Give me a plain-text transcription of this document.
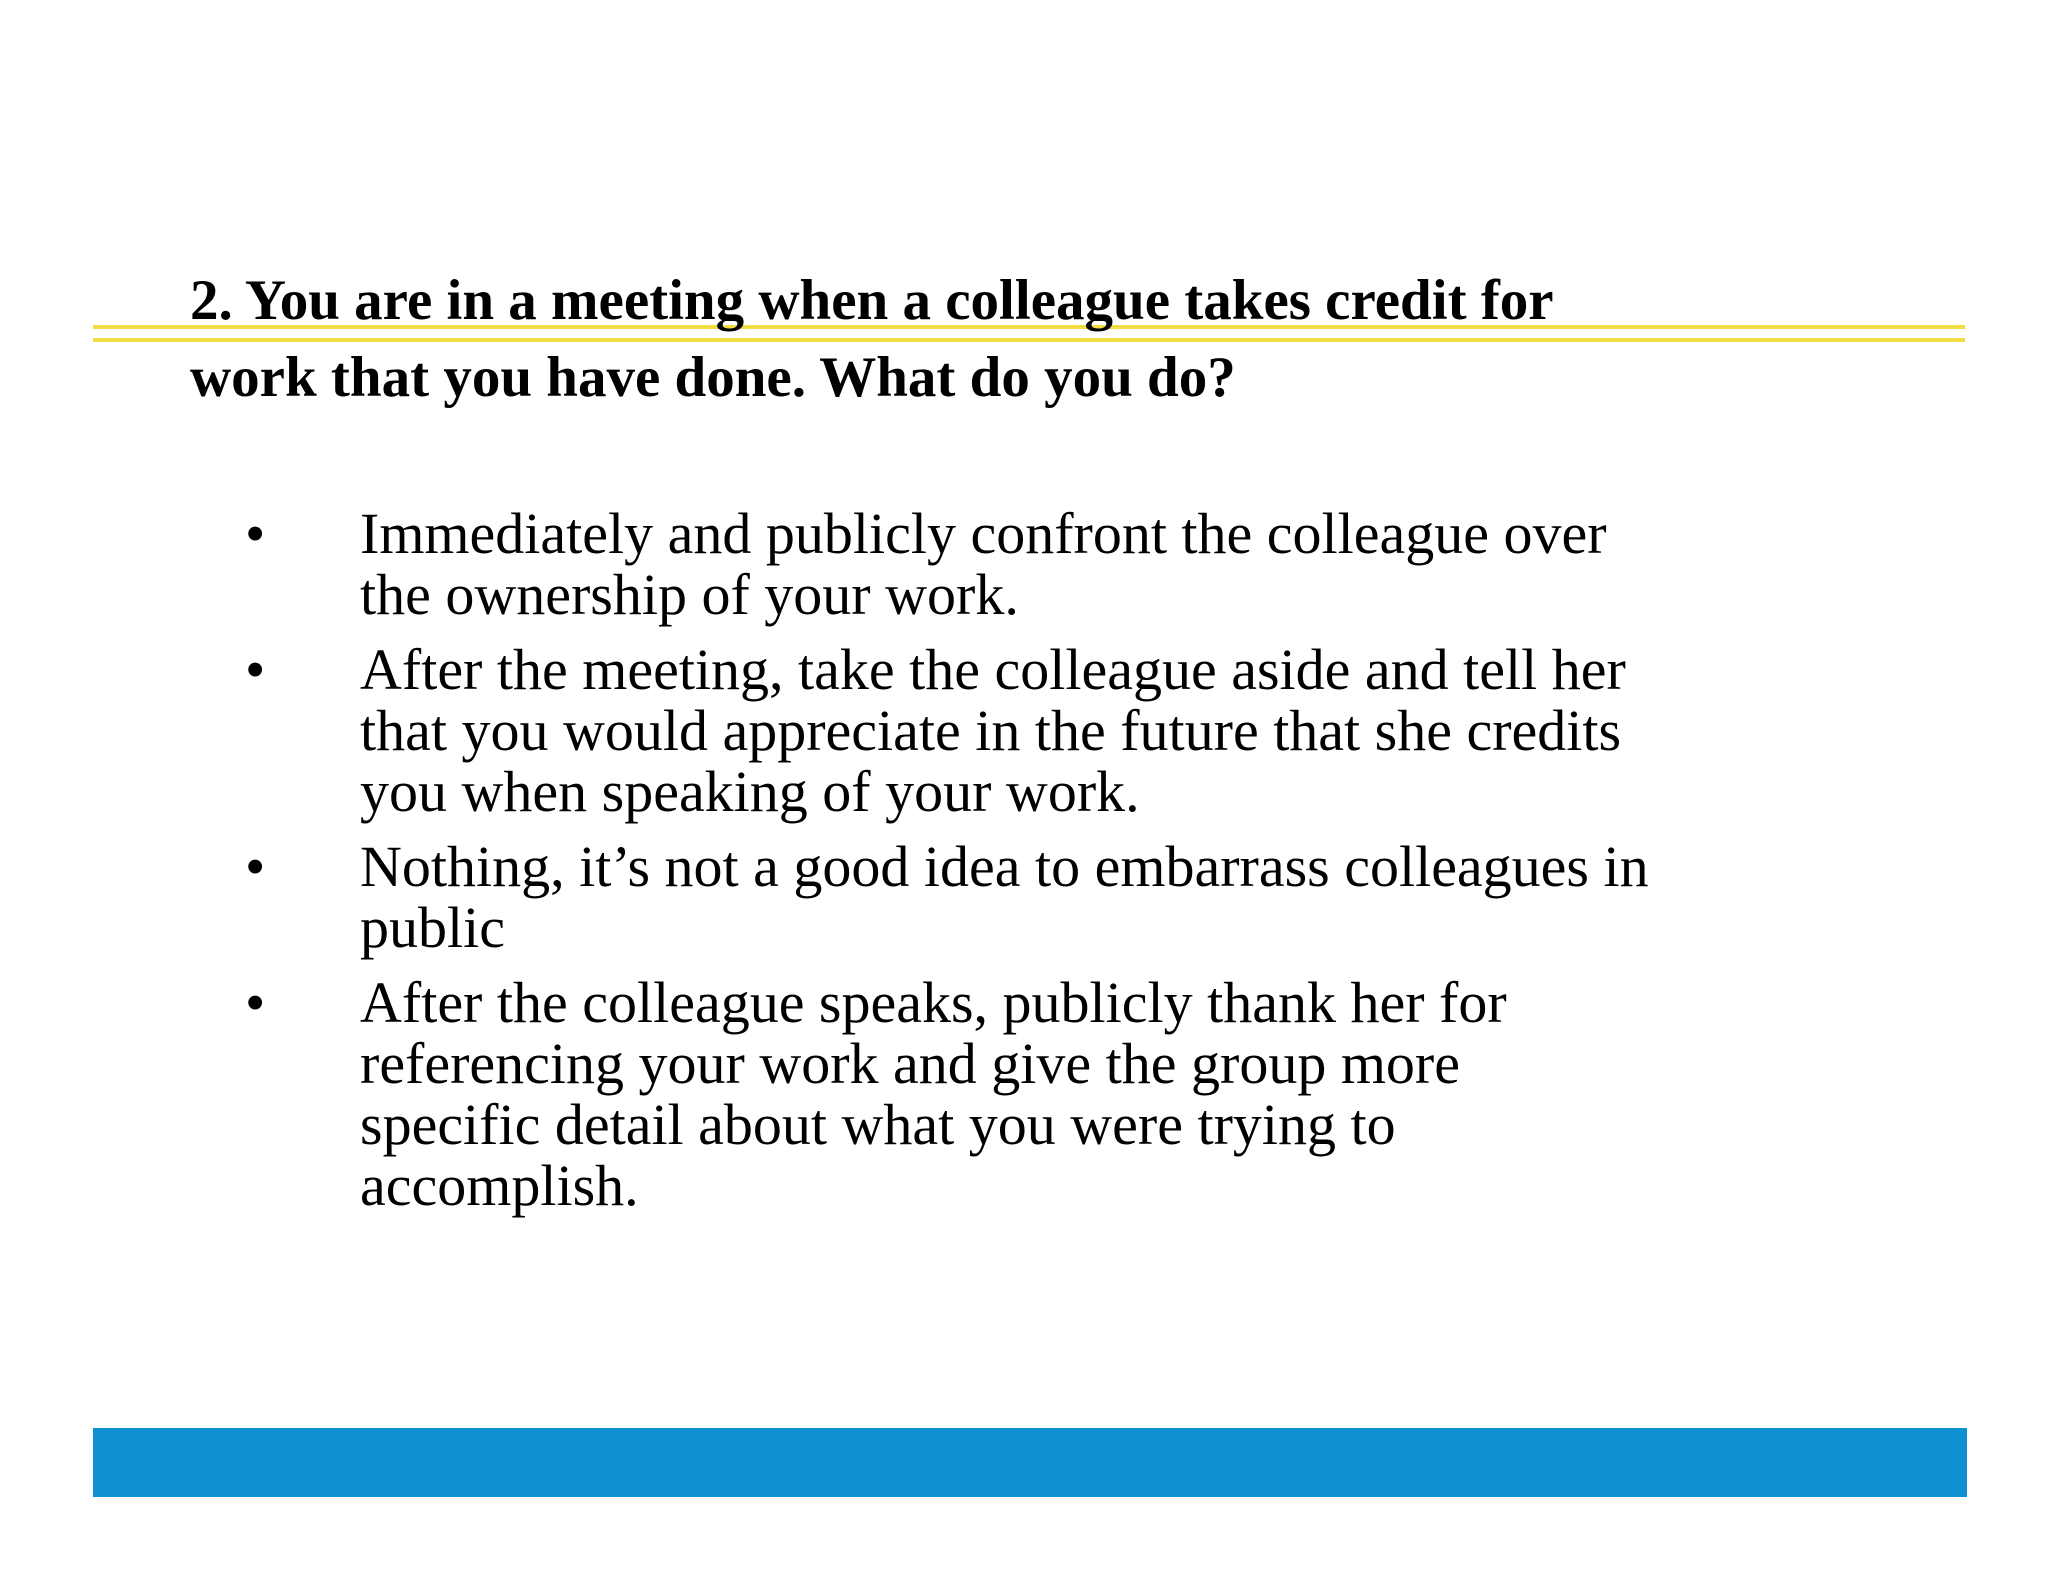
2. You are in a meeting when a colleague takes credit for
work that you have done. What do you do?
•	Immediately and publicly confront the colleague over
the ownership of your work.
•	After the meeting, take the colleague aside and tell her
that you would appreciate in the future that she credits
you when speaking of your work.
•	Nothing, it’s not a good idea to embarrass colleagues in
public
•	After the colleague speaks, publicly thank her for
referencing your work and give the group more
specific detail about what you were trying to
accomplish.
